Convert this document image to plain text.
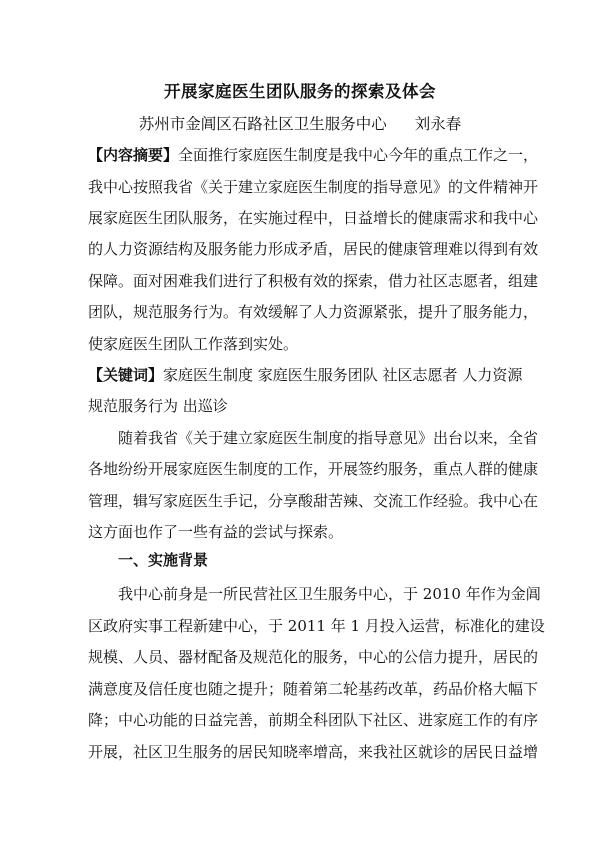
开展家庭医生团队服务的探索及体会
苏州市金阊区石路社区卫生服务中心 刘永春
【内容摘要】全面推行家庭医生制度是我中心今年的重点工作之一，
我中心按照我省《关于建立家庭医生制度的指导意见》的文件精神开
展家庭医生团队服务，在实施过程中，日益增长的健康需求和我中心
的人力资源结构及服务能力形成矛盾，居民的健康管理难以得到有效
保障。面对困难我们进行了积极有效的探索，借力社区志愿者，组建
团队，规范服务行为。有效缓解了人力资源紧张，提升了服务能力，
使家庭医生团队工作落到实处。
【关键词】家庭医生制度 家庭医生服务团队 社区志愿者 人力资源
规范服务行为 出巡诊
随着我省《关于建立家庭医生制度的指导意见》出台以来，全省
各地纷纷开展家庭医生制度的工作，开展签约服务，重点人群的健康
管理，辑写家庭医生手记，分享酸甜苦辣、交流工作经验。我中心在
这方面也作了一些有益的尝试与探索。
一、实施背景
我中心前身是一所民营社区卫生服务中心，于 2010 年作为金阊
区政府实事工程新建中心，于 2011 年 1 月投入运营，标准化的建设
规模、人员、器材配备及规范化的服务，中心的公信力提升，居民的
满意度及信任度也随之提升；随着第二轮基药改革，药品价格大幅下
降；中心功能的日益完善，前期全科团队下社区、进家庭工作的有序
开展，社区卫生服务的居民知晓率增高，来我社区就诊的居民日益增
